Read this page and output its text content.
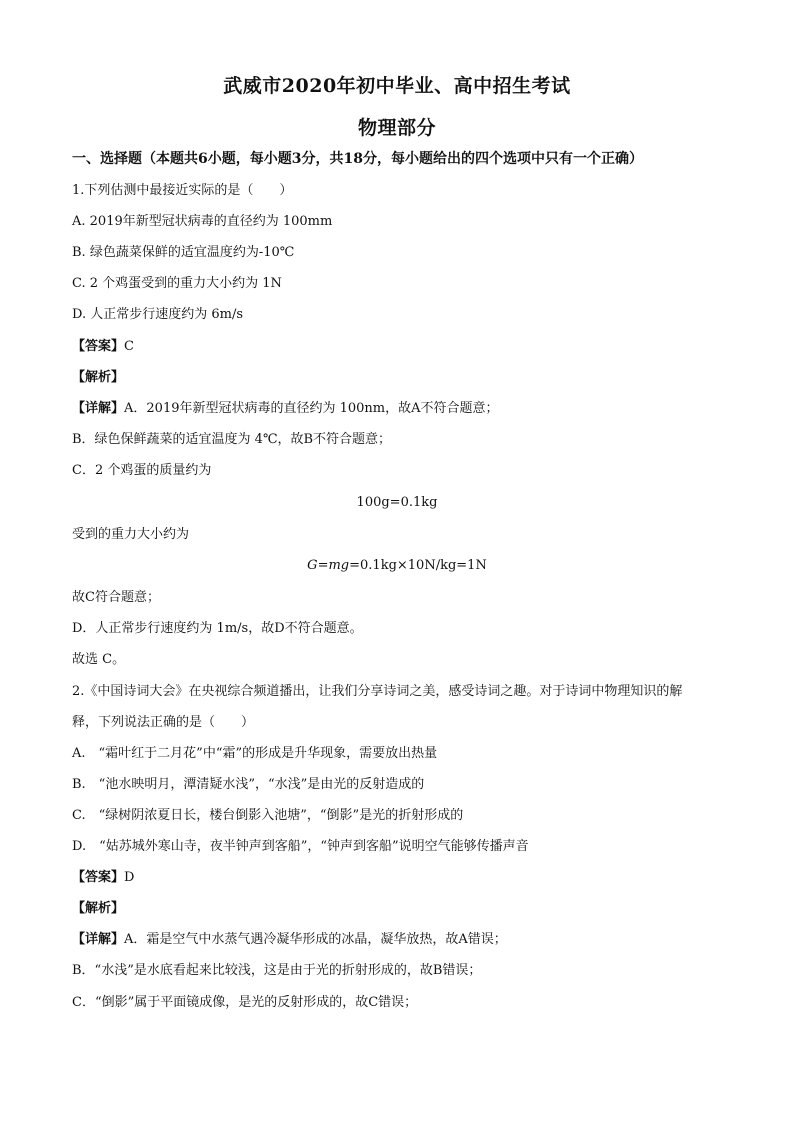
武威市2020年初中毕业、高中招生考试
物理部分
一、选择题（本题共6小题，每小题3分，共18分，每小题给出的四个选项中只有一个正确）
1.下列估测中最接近实际的是（　　）
A. 2019年新型冠状病毒的直径约为 100mm
B. 绿色蔬菜保鲜的适宜温度约为-10℃
C. 2 个鸡蛋受到的重力大小约为 1N
D. 人正常步行速度约为 6m/s
【答案】C
【解析】
【详解】A．2019年新型冠状病毒的直径约为 100nm，故A不符合题意；
B．绿色保鲜蔬菜的适宜温度为 4℃，故B不符合题意；
C．2 个鸡蛋的质量约为
100g=0.1kg
受到的重力大小约为
G=mg=0.1kg×10N/kg=1N
故C符合题意；
D．人正常步行速度约为 1m/s，故D不符合题意。
故选 C。
2.《中国诗词大会》在央视综合频道播出，让我们分享诗词之美，感受诗词之趣。对于诗词中物理知识的解
释，下列说法正确的是（　　）
A.　“霜叶红于二月花”中“霜”的形成是升华现象，需要放出热量
B.　“池水映明月，潭清疑水浅”，“水浅”是由光的反射造成的
C.　“绿树阴浓夏日长，楼台倒影入池塘”，“倒影”是光的折射形成的
D.　“姑苏城外寒山寺，夜半钟声到客船”，“钟声到客船”说明空气能够传播声音
【答案】D
【解析】
【详解】A．霜是空气中水蒸气遇冷凝华形成的冰晶，凝华放热，故A错误；
B．“水浅”是水底看起来比较浅，这是由于光的折射形成的，故B错误；
C．“倒影”属于平面镜成像，是光的反射形成的，故C错误；
